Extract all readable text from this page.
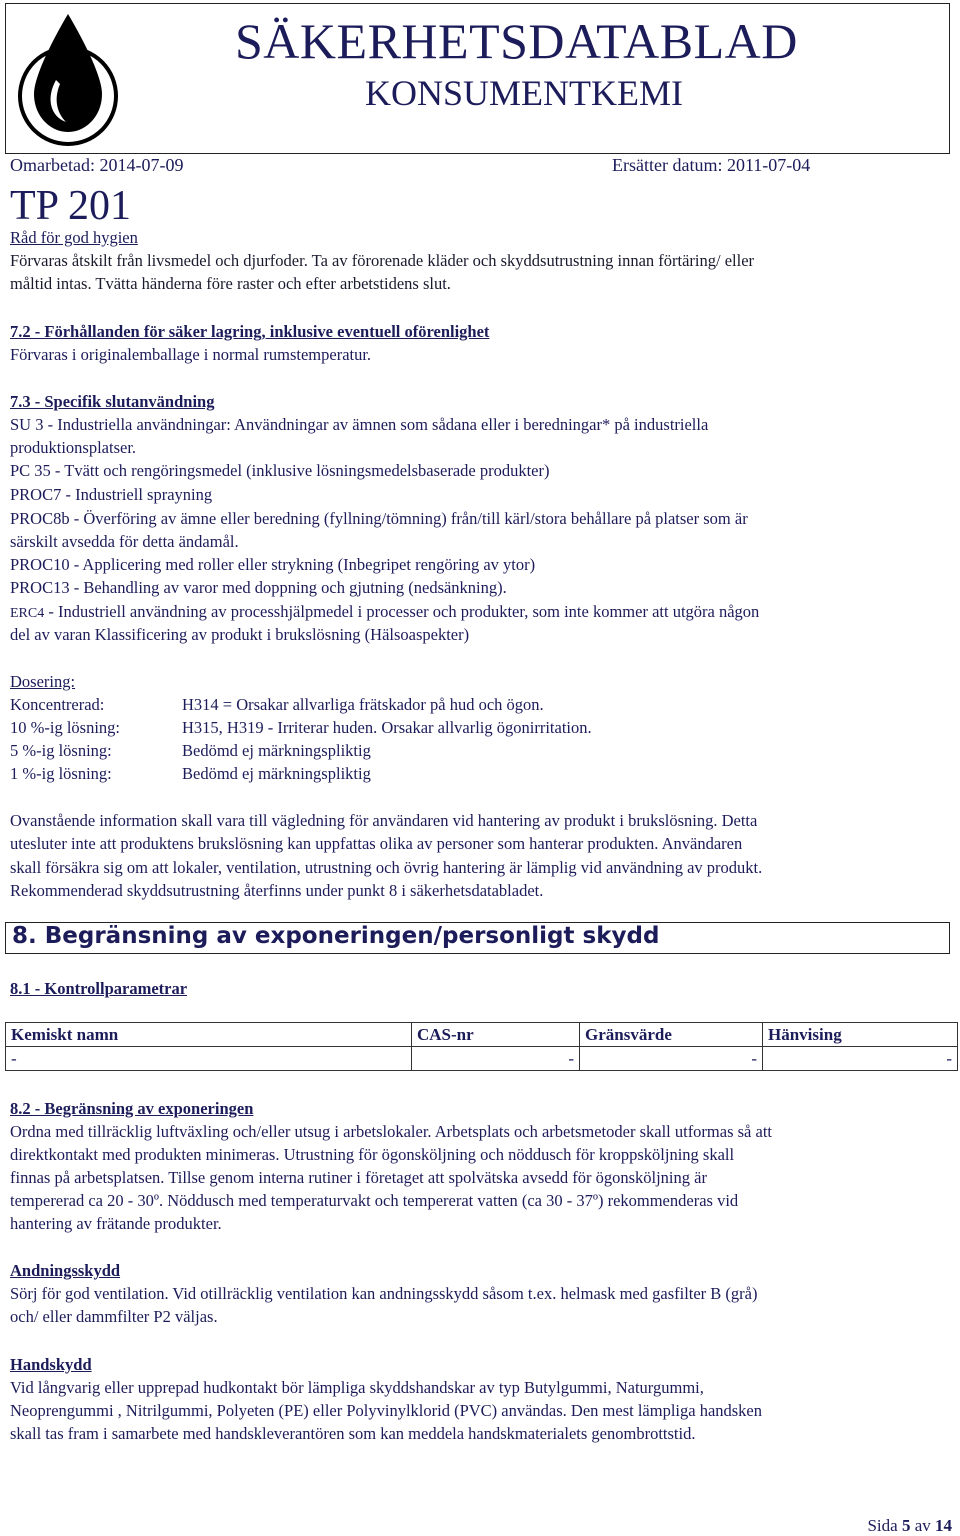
SÄKERHETSDATABLAD
KONSUMENTKEMI
Omarbetad: 2014-07-09	Ersätter datum: 2011-07-04
TP 201

Råd för god hygien

Förvaras åtskilt från livsmedel och djurfoder. Ta av förorenade kläder och skyddsutrustning innan förtäring/ eller

måltid intas. Tvätta händerna före raster och efter arbetstidens slut.

7.2 - Förhållanden för säker lagring, inklusive eventuell oförenlighet

Förvaras i originalemballage i normal rumstemperatur.

7.3 - Specifik slutanvändning

SU 3 - Industriella användningar: Användningar av ämnen som sådana eller i beredningar* på industriella

produktionsplatser.

PC 35 - Tvätt och rengöringsmedel (inklusive lösningsmedelsbaserade produkter)

PROC7 - Industriell sprayning

PROC8b - Överföring av ämne eller beredning (fyllning/tömning) från/till kärl/stora behållare på platser som är

särskilt avsedda för detta ändamål.

PROC10 - Applicering med roller eller strykning (Inbegripet rengöring av ytor)

PROC13 - Behandling av varor med doppning och gjutning (nedsänkning).

ERC4 - Industriell användning av processhjälpmedel i processer och produkter, som inte kommer att utgöra någon

del av varan Klassificering av produkt i brukslösning (Hälsoaspekter)

Dosering:

Koncentrerad:	H314 = Orsakar allvarliga frätskador på hud och ögon.
10 %-ig lösning:	H315, H319 - Irriterar huden. Orsakar allvarlig ögonirritation.
5 %-ig lösning:	Bedömd ej märkningspliktig
1 %-ig lösning:	Bedömd ej märkningspliktig

Ovanstående information skall vara till vägledning för användaren vid hantering av produkt i brukslösning. Detta

utesluter inte att produktens brukslösning kan uppfattas olika av personer som hanterar produkten. Användaren

skall försäkra sig om att lokaler, ventilation, utrustning och övrig hantering är lämplig vid användning av produkt.

Rekommenderad skyddsutrustning återfinns under punkt 8 i säkerhetsdatabladet.

8. Begränsning av exponeringen/personligt skydd

8.1 - Kontrollparametrar

Kemiskt namn	CAS-nr	Gränsvärde	Hänvising
-	-	-	-

8.2 - Begränsning av exponeringen

Ordna med tillräcklig luftväxling och/eller utsug i arbetslokaler. Arbetsplats och arbetsmetoder skall utformas så att

direktkontakt med produkten minimeras. Utrustning för ögonsköljning och nöddusch för kroppsköljning skall

finnas på arbetsplatsen. Tillse genom interna rutiner i företaget att spolvätska avsedd för ögonsköljning är

tempererad ca 20 - 30º. Nöddusch med temperaturvakt och tempererat vatten (ca 30 - 37º) rekommenderas vid

hantering av frätande produkter.

Andningsskydd

Sörj för god ventilation. Vid otillräcklig ventilation kan andningsskydd såsom t.ex. helmask med gasfilter B (grå)

och/ eller dammfilter P2 väljas.

Handskydd

Vid långvarig eller upprepad hudkontakt bör lämpliga skyddshandskar av typ Butylgummi, Naturgummi,

Neoprengummi , Nitrilgummi, Polyeten (PE) eller Polyvinylklorid (PVC) användas. Den mest lämpliga handsken

skall tas fram i samarbete med handskleverantören som kan meddela handskmaterialets genombrottstid.

Sida 5 av 14
